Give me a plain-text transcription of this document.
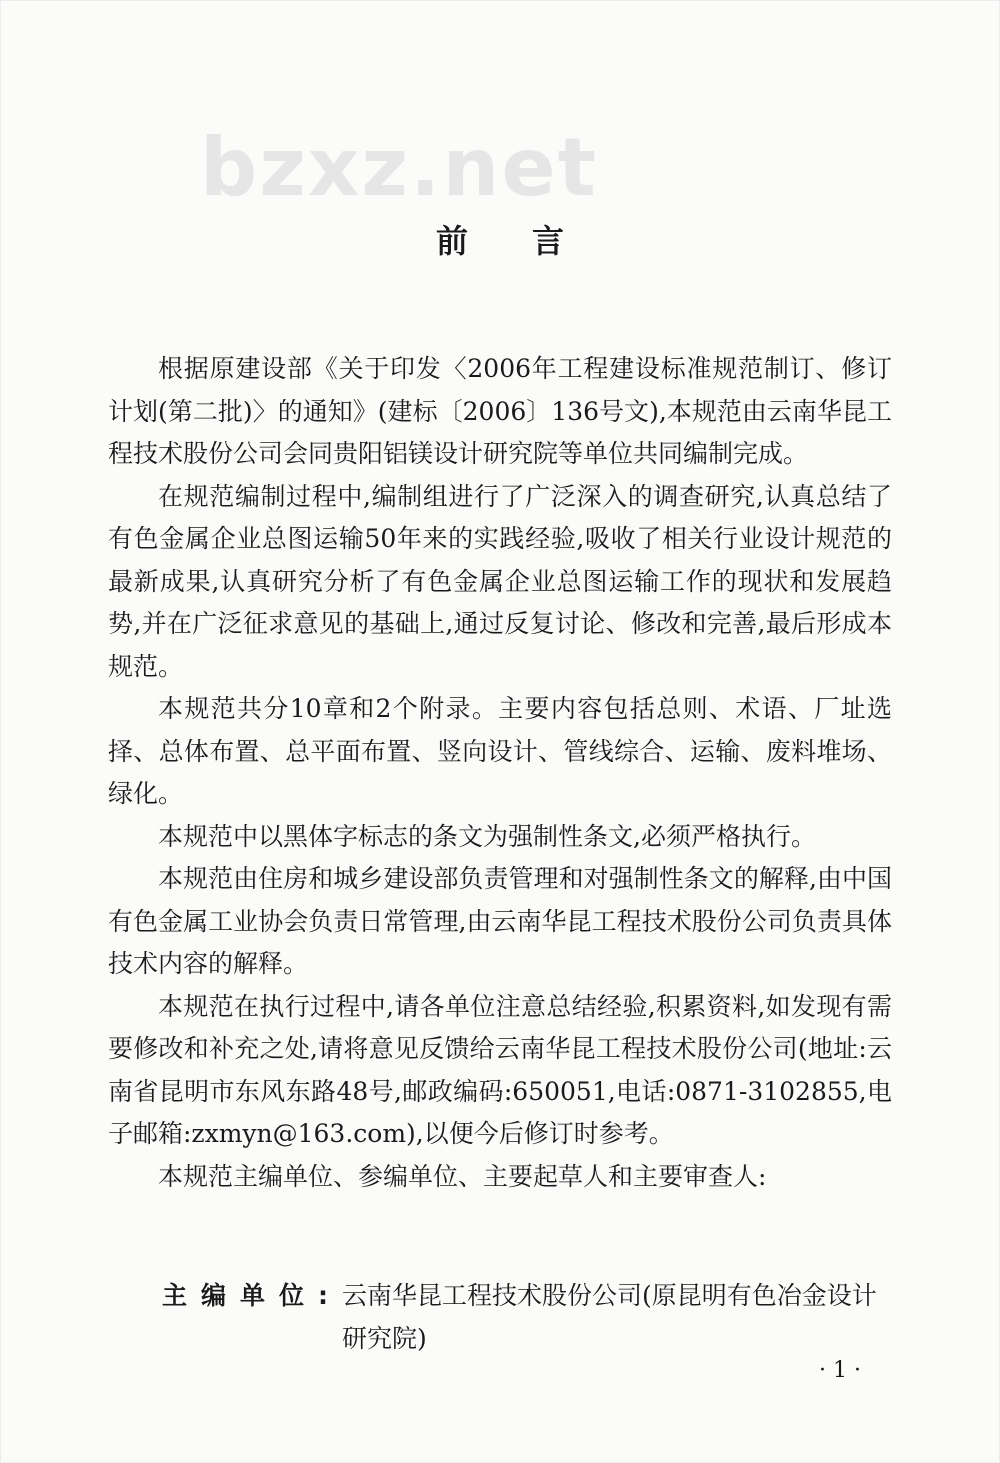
bzxz.net
前言

根据原建设部《关于印发〈2006年工程建设标准规范制订、修订计划(第二批)〉的通知》(建标〔2006〕136号文),本规范由云南华昆工程技术股份公司会同贵阳铝镁设计研究院等单位共同编制完成。

在规范编制过程中,编制组进行了广泛深入的调查研究,认真总结了有色金属企业总图运输50年来的实践经验,吸收了相关行业设计规范的最新成果,认真研究分析了有色金属企业总图运输工作的现状和发展趋势,并在广泛征求意见的基础上,通过反复讨论、修改和完善,最后形成本规范。

本规范共分10章和2个附录。主要内容包括总则、术语、厂址选择、总体布置、总平面布置、竖向设计、管线综合、运输、废料堆场、绿化。

本规范中以黑体字标志的条文为强制性条文,必须严格执行。

本规范由住房和城乡建设部负责管理和对强制性条文的解释,由中国有色金属工业协会负责日常管理,由云南华昆工程技术股份公司负责具体技术内容的解释。

本规范在执行过程中,请各单位注意总结经验,积累资料,如发现有需要修改和补充之处,请将意见反馈给云南华昆工程技术股份公司(地址:云南省昆明市东风东路48号,邮政编码:650051,电话:0871-3102855,电子邮箱:zxmyn@163.com),以便今后修订时参考。

本规范主编单位、参编单位、主要起草人和主要审查人:

主编单位: 云南华昆工程技术股份公司(原昆明有色冶金设计研究院)
· 1 ·
